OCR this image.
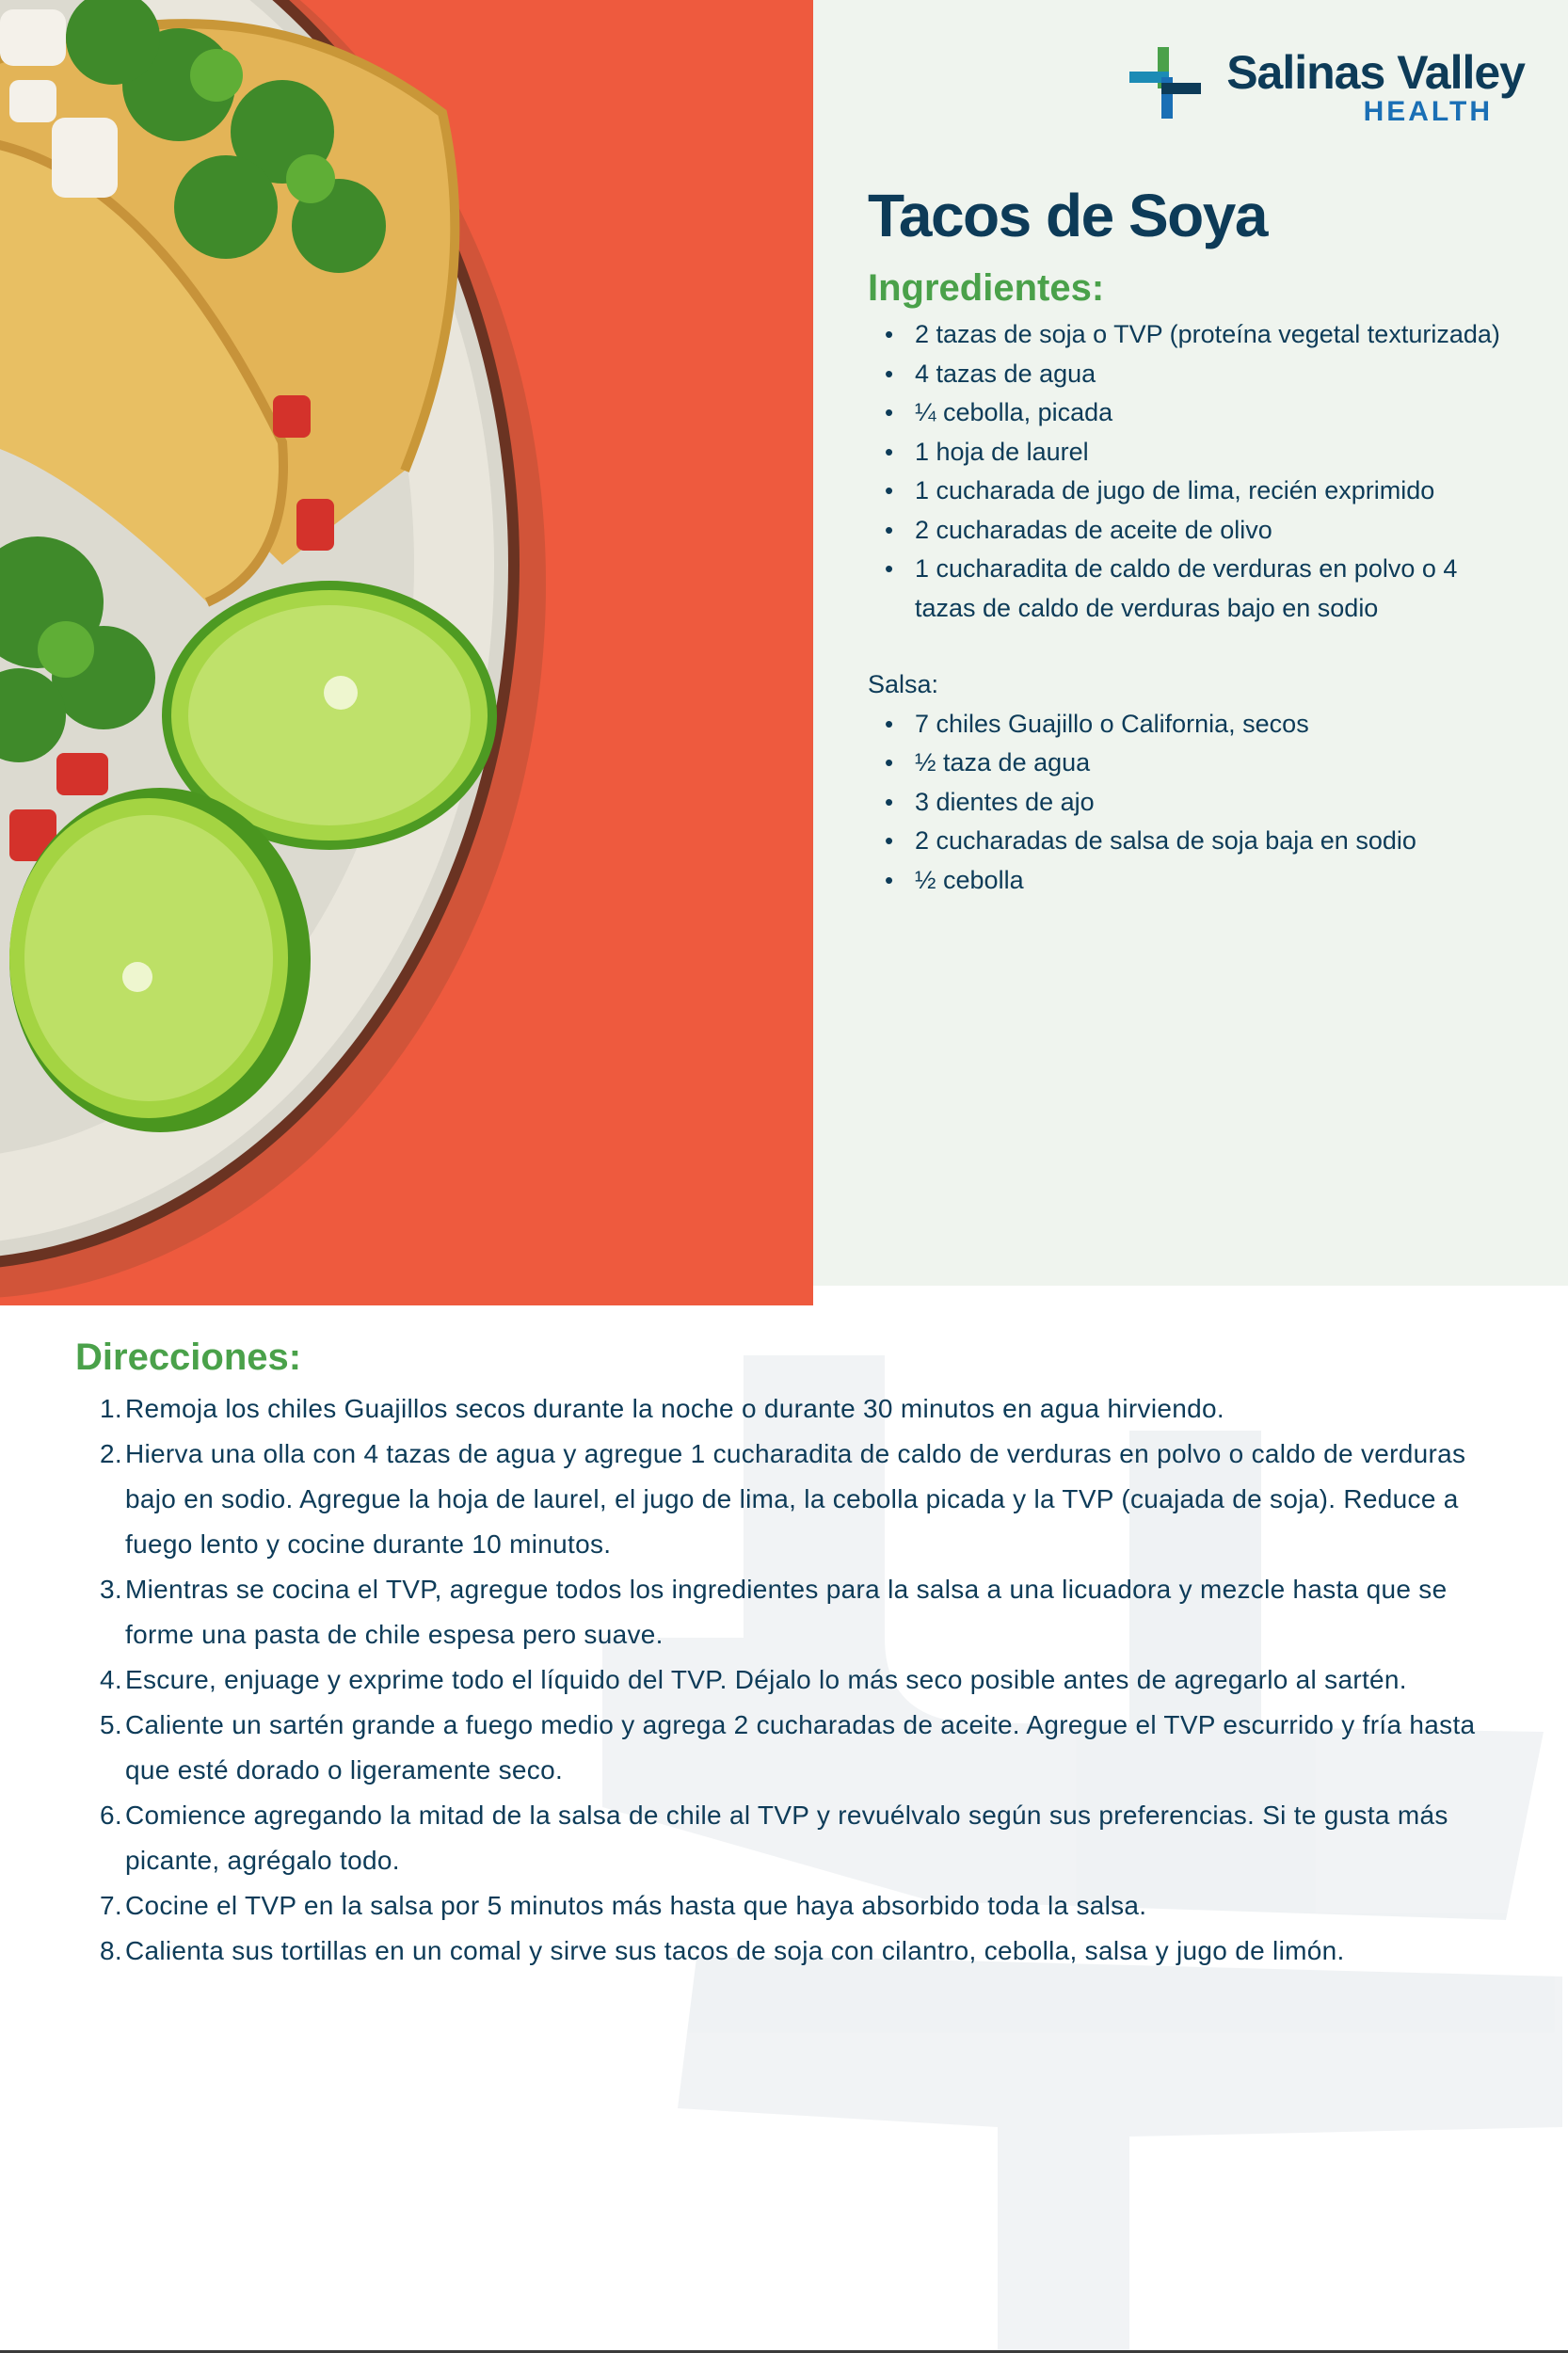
Salinas Valley
HEALTH
Tacos de Soya
Ingredientes:
• 2 tazas de soja o TVP (proteína vegetal texturizada)
• 4 tazas de agua
• ¼ cebolla, picada
• 1 hoja de laurel
• 1 cucharada de jugo de lima, recién exprimido
• 2 cucharadas de aceite de olivo
• 1 cucharadita de caldo de verduras en polvo o 4 tazas de caldo de verduras bajo en sodio

Salsa:

• 7 chiles Guajillo o California, secos
• ½ taza de agua
• 3 dientes de ajo
• 2 cucharadas de salsa de soja baja en sodio
• ½ cebolla
Direcciones:
1. Remoja los chiles Guajillos secos durante la noche o durante 30 minutos en agua hirviendo.
2. Hierva una olla con 4 tazas de agua y agregue 1 cucharadita de caldo de verduras en polvo o caldo de verduras bajo en sodio. Agregue la hoja de laurel, el jugo de lima, la cebolla picada y la TVP (cuajada de soja). Reduce a fuego lento y cocine durante 10 minutos.
3. Mientras se cocina el TVP, agregue todos los ingredientes para la salsa a una licuadora y mezcle hasta que se forme una pasta de chile espesa pero suave.
4. Escure, enjuage y exprime todo el líquido del TVP. Déjalo lo más seco posible antes de agregarlo al sartén.
5. Caliente un sartén grande a fuego medio y agrega 2 cucharadas de aceite. Agregue el TVP escurrido y fría hasta que esté dorado o ligeramente seco.
6. Comience agregando la mitad de la salsa de chile al TVP y revuélvalo según sus preferencias. Si te gusta más picante, agrégalo todo.
7. Cocine el TVP en la salsa por 5 minutos más hasta que haya absorbido toda la salsa.
8. Calienta sus tortillas en un comal y sirve sus tacos de soja con cilantro, cebolla, salsa y jugo de limón.
